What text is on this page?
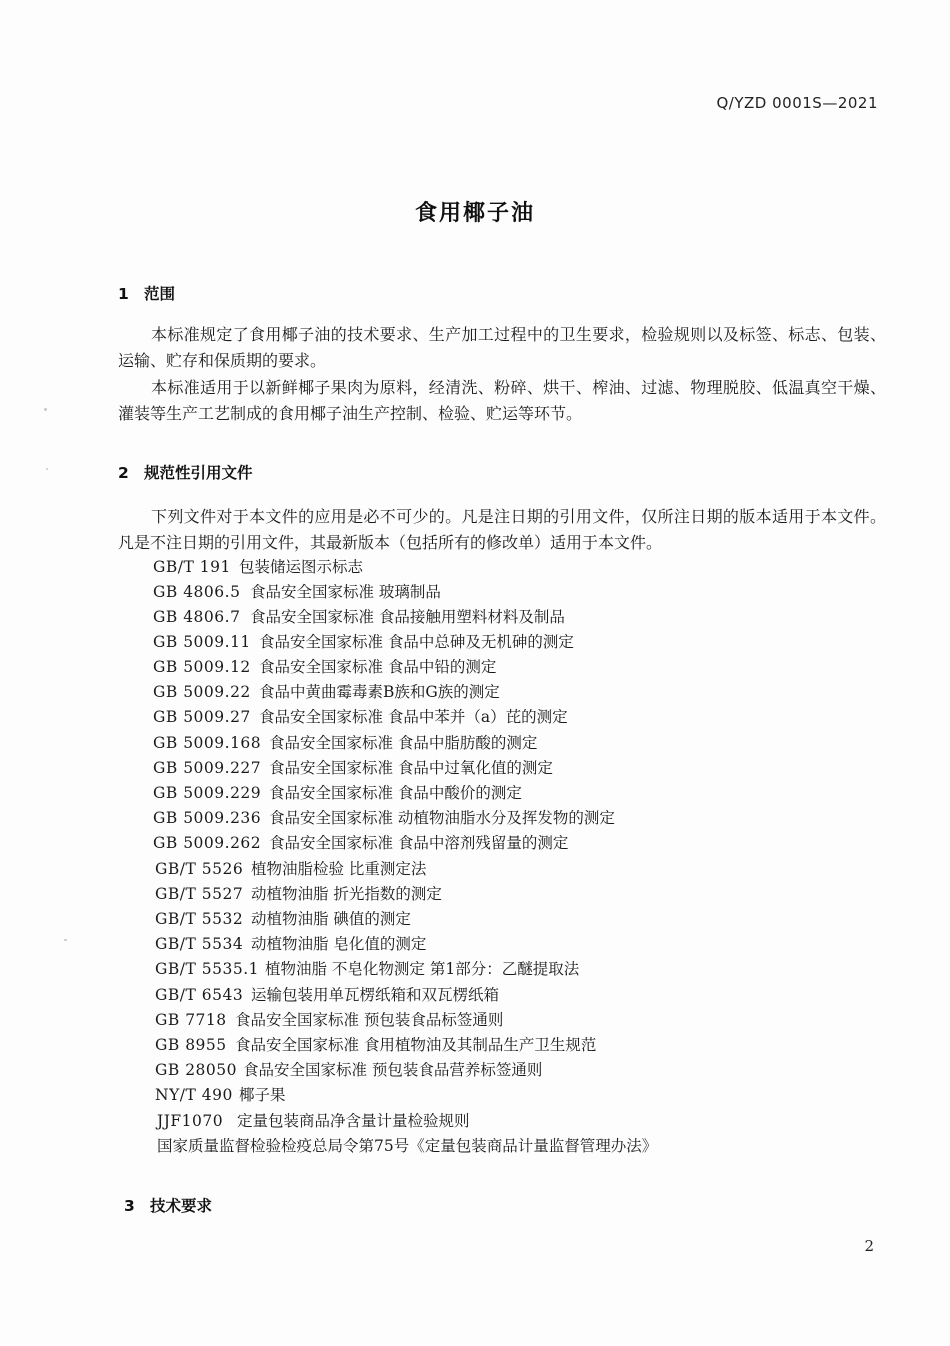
Q/YZD 0001S—2021
食用椰子油
1 范围

本标准规定了食用椰子油的技术要求、生产加工过程中的卫生要求，检验规则以及标签、标志、包装、运输、贮存和保质期的要求。

本标准适用于以新鲜椰子果肉为原料，经清洗、粉碎、烘干、榨油、过滤、物理脱胶、低温真空干燥、灌装等生产工艺制成的食用椰子油生产控制、检验、贮运等环节。

2 规范性引用文件

下列文件对于本文件的应用是必不可少的。凡是注日期的引用文件，仅所注日期的版本适用于本文件。凡是不注日期的引用文件，其最新版本（包括所有的修改单）适用于本文件。

GB/T 191 包装储运图示标志
GB 4806.5 食品安全国家标准 玻璃制品
GB 4806.7 食品安全国家标准 食品接触用塑料材料及制品
GB 5009.11 食品安全国家标准 食品中总砷及无机砷的测定
GB 5009.12 食品安全国家标准 食品中铅的测定
GB 5009.22 食品中黄曲霉毒素B族和G族的测定
GB 5009.27 食品安全国家标准 食品中苯并（a）芘的测定
GB 5009.168 食品安全国家标准 食品中脂肪酸的测定
GB 5009.227 食品安全国家标准 食品中过氧化值的测定
GB 5009.229 食品安全国家标准 食品中酸价的测定
GB 5009.236 食品安全国家标准 动植物油脂水分及挥发物的测定
GB 5009.262 食品安全国家标准 食品中溶剂残留量的测定
GB/T 5526 植物油脂检验 比重测定法
GB/T 5527 动植物油脂 折光指数的测定
GB/T 5532 动植物油脂 碘值的测定
GB/T 5534 动植物油脂 皂化值的测定
GB/T 5535.1 植物油脂 不皂化物测定 第1部分：乙醚提取法
GB/T 6543 运输包装用单瓦楞纸箱和双瓦楞纸箱
GB 7718 食品安全国家标准 预包装食品标签通则
GB 8955 食品安全国家标准 食用植物油及其制品生产卫生规范
GB 28050 食品安全国家标准 预包装食品营养标签通则
NY/T 490 椰子果
JJF1070 定量包装商品净含量计量检验规则
国家质量监督检验检疫总局令第75号《定量包装商品计量监督管理办法》
3 技术要求
2
